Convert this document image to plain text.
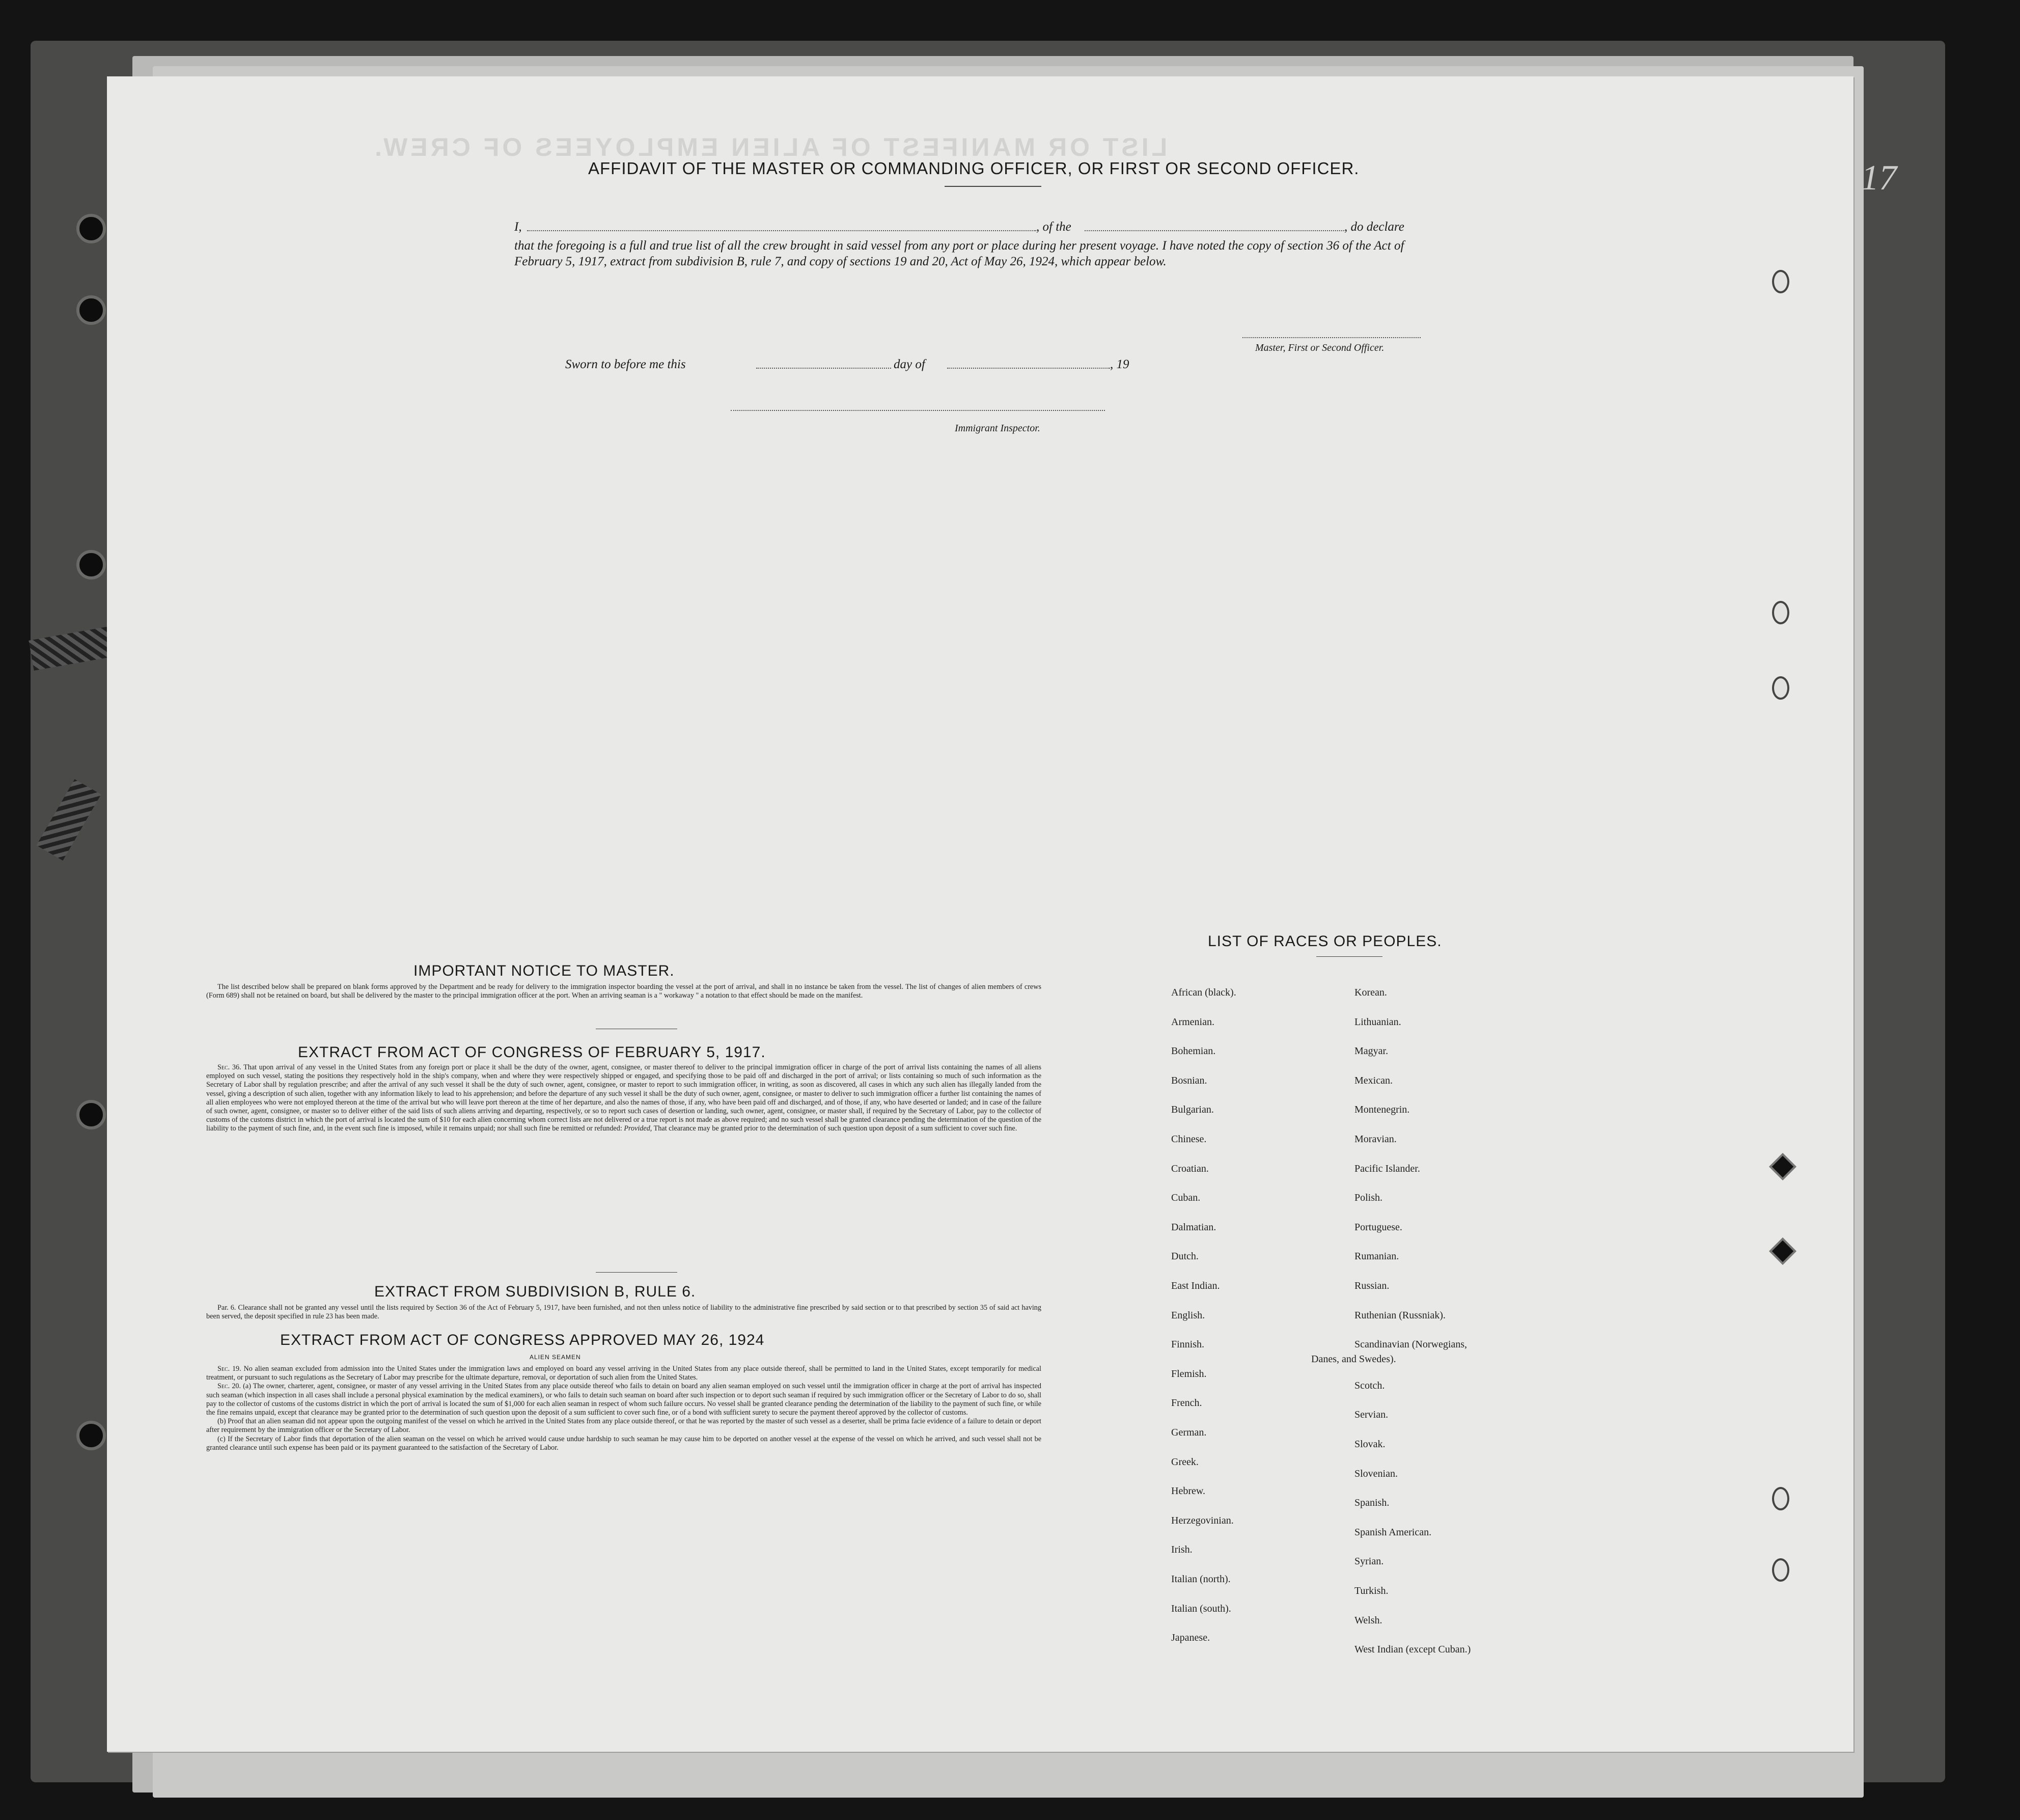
LIST OR MANIFEST OF ALIEN EMPLOYEES OF CREW.
17
AFFIDAVIT OF THE MASTER OR COMMANDING OFFICER, OR FIRST OR SECOND OFFICER.
I,	, of the	, do declare
that the foregoing is a full and true list of all the crew brought in said vessel from any port or place during her present voyage. I have noted the copy of section 36 of the Act of February 5, 1917, extract from subdivision B, rule 7, and copy of sections 19 and 20, Act of May 26, 1924, which appear below.
Master, First or Second Officer.
Sworn to before me this	day of	, 19
Immigrant Inspector.
IMPORTANT NOTICE TO MASTER.

The list described below shall be prepared on blank forms approved by the Department and be ready for delivery to the immigration inspector boarding the vessel at the port of arrival, and shall in no instance be taken from the vessel. The list of changes of alien members of crews (Form 689) shall not be retained on board, but shall be delivered by the master to the principal immigration officer at the port. When an arriving seaman is a " workaway " a notation to that effect should be made on the manifest.

EXTRACT FROM ACT OF CONGRESS OF FEBRUARY 5, 1917.

Sec. 36. That upon arrival of any vessel in the United States from any foreign port or place it shall be the duty of the owner, agent, consignee, or master thereof to deliver to the principal immigration officer in charge of the port of arrival lists containing the names of all aliens employed on such vessel, stating the positions they respectively hold in the ship's company, when and where they were respectively shipped or engaged, and specifying those to be paid off and discharged in the port of arrival; or lists containing so much of such information as the Secretary of Labor shall by regulation prescribe; and after the arrival of any such vessel it shall be the duty of such owner, agent, consignee, or master to report to such immigration officer, in writing, as soon as discovered, all cases in which any such alien has illegally landed from the vessel, giving a description of such alien, together with any information likely to lead to his apprehension; and before the departure of any such vessel it shall be the duty of such owner, agent, consignee, or master to deliver to such immigration officer a further list containing the names of all alien employees who were not employed thereon at the time of the arrival but who will leave port thereon at the time of her departure, and also the names of those, if any, who have been paid off and discharged, and of those, if any, who have deserted or landed; and in case of the failure of such owner, agent, consignee, or master so to deliver either of the said lists of such aliens arriving and departing, respectively, or so to report such cases of desertion or landing, such owner, agent, consignee, or master shall, if required by the Secretary of Labor, pay to the collector of customs of the customs district in which the port of arrival is located the sum of $10 for each alien concerning whom correct lists are not delivered or a true report is not made as above required; and no such vessel shall be granted clearance pending the determination of the question of the liability to the payment of such fine, and, in the event such fine is imposed, while it remains unpaid; nor shall such fine be remitted or refunded: Provided, That clearance may be granted prior to the determination of such question upon deposit of a sum sufficient to cover such fine.

EXTRACT FROM SUBDIVISION B, RULE 6.

Par. 6. Clearance shall not be granted any vessel until the lists required by Section 36 of the Act of February 5, 1917, have been furnished, and not then unless notice of liability to the administrative fine prescribed by said section or to that prescribed by section 35 of said act having been served, the deposit specified in rule 23 has been made.

EXTRACT FROM ACT OF CONGRESS APPROVED MAY 26, 1924
ALIEN SEAMEN

Sec. 19. No alien seaman excluded from admission into the United States under the immigration laws and employed on board any vessel arriving in the United States from any place outside thereof, shall be permitted to land in the United States, except temporarily for medical treatment, or pursuant to such regulations as the Secretary of Labor may prescribe for the ultimate departure, removal, or deportation of such alien from the United States.

Sec. 20. (a) The owner, charterer, agent, consignee, or master of any vessel arriving in the United States from any place outside thereof who fails to detain on board any alien seaman employed on such vessel until the immigration officer in charge at the port of arrival has inspected such seaman (which inspection in all cases shall include a personal physical examination by the medical examiners), or who fails to detain such seaman on board after such inspection or to deport such seaman if required by such immigration officer or the Secretary of Labor to do so, shall pay to the collector of customs of the customs district in which the port of arrival is located the sum of $1,000 for each alien seaman in respect of whom such failure occurs. No vessel shall be granted clearance pending the determination of the liability to the payment of such fine, or while the fine remains unpaid, except that clearance may be granted prior to the determination of such question upon the deposit of a sum sufficient to cover such fine, or of a bond with sufficient surety to secure the payment thereof approved by the collector of customs.

(b) Proof that an alien seaman did not appear upon the outgoing manifest of the vessel on which he arrived in the United States from any place outside thereof, or that he was reported by the master of such vessel as a deserter, shall be prima facie evidence of a failure to detain or deport after requirement by the immigration officer or the Secretary of Labor.

(c) If the Secretary of Labor finds that deportation of the alien seaman on the vessel on which he arrived would cause undue hardship to such seaman he may cause him to be deported on another vessel at the expense of the vessel on which he arrived, and such vessel shall not be granted clearance until such expense has been paid or its payment guaranteed to the satisfaction of the Secretary of Labor.

LIST OF RACES OR PEOPLES.
African (black).
Armenian.
Bohemian.
Bosnian.
Bulgarian.
Chinese.
Croatian.
Cuban.
Dalmatian.
Dutch.
East Indian.
English.
Finnish.
Flemish.
French.
German.
Greek.
Hebrew.
Herzegovinian.
Irish.
Italian (north).
Italian (south).
Japanese.
Korean.
Lithuanian.
Magyar.
Mexican.
Montenegrin.
Moravian.
Pacific Islander.
Polish.
Portuguese.
Rumanian.
Russian.
Ruthenian (Russniak).
Scandinavian (Norwegians,
Scotch.
Servian.
Slovak.
Slovenian.
Spanish.
Spanish American.
Syrian.
Turkish.
Welsh.
West Indian (except Cuban.)
Danes, and Swedes).
